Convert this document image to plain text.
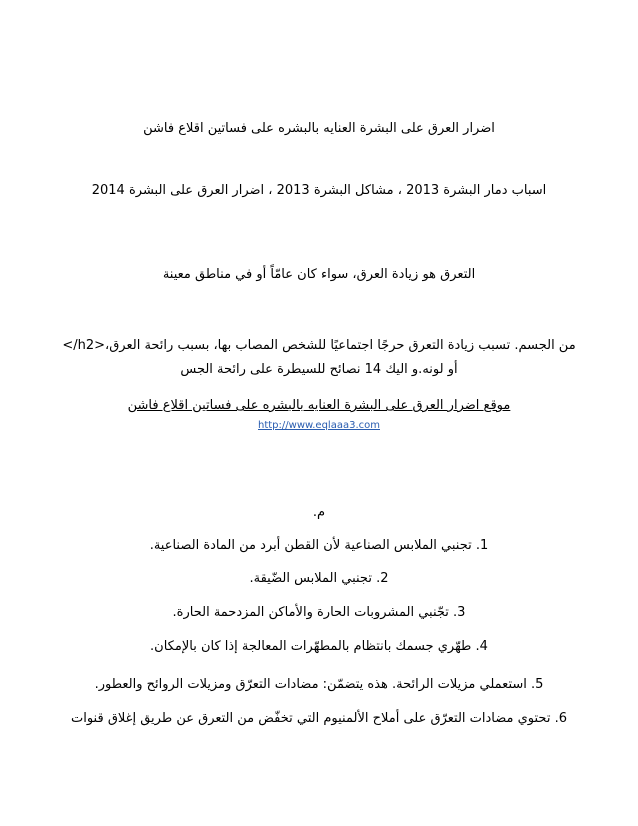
اضرار العرق على البشرة العنايه بالبشره على فساتين اقلاع فاشن
اسباب دمار البشرة 2013 ، مشاكل البشرة 2013 ، اضرار العرق على البشرة 2014
التعرق هو زيادة العرق، سواء كان عامّاً أو في مناطق معينة
من الجسم. تسبب زيادة التعرق حرجًا اجتماعيًا للشخص المصاب بها، بسبب رائحة العرق،<h2/>
أو لونه.و اليك 14 نصائح للسيطرة على رائحة الجس
موقع اضرار العرق على البشرة العنايه بالبشره على فساتين اقلاع فاشن
http://www.eqlaaa3.com
م.
1. تجنبي الملابس الصناعية لأن القطن أبرد من المادة الصناعية.
2. تجنبي الملابس الضّيقة.
3. تجّنبي المشروبات الحارة والأماكن المزدحمة الحارة.
4. طهّري جسمك بانتظام بالمطهّرات المعالجة إذا كان بالإمكان.
5. استعملي مزيلات الرائحة. هذه يتضمّن: مضادات التعرّق ومزيلات الروائح والعطور.
6. تحتوي مضادات التعرّق على أملاح الألمنيوم التي تخفّض من التعرق عن طريق إغلاق قنوات
